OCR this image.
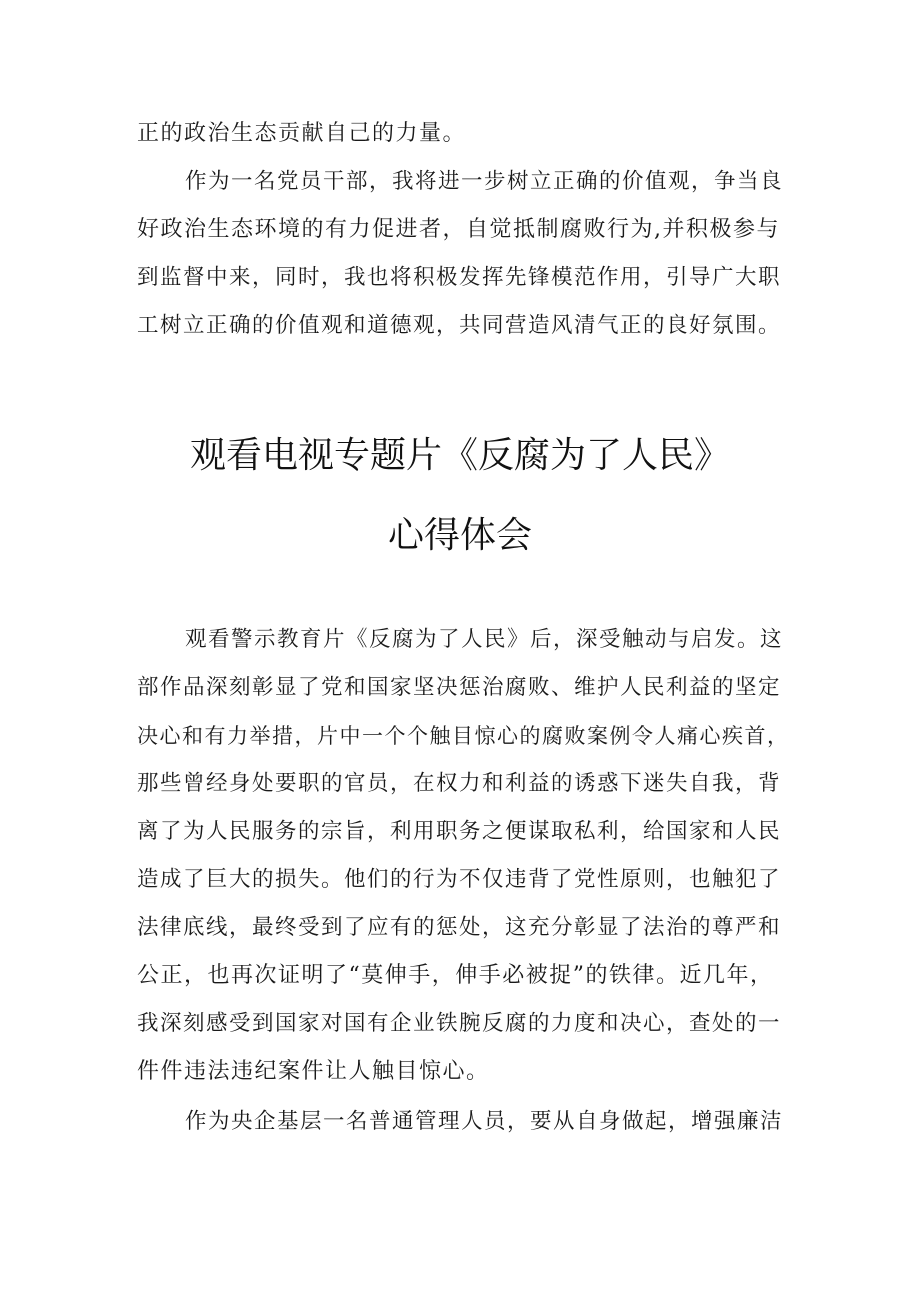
正的政治生态贡献自己的力量。
作为一名党员干部，我将进一步树立正确的价值观，争当良
好政治生态环境的有力促进者，自觉抵制腐败行为,并积极参与
到监督中来，同时，我也将积极发挥先锋模范作用，引导广大职
工树立正确的价值观和道德观，共同营造风清气正的良好氛围。
观看电视专题片《反腐为了人民》
心得体会
观看警示教育片《反腐为了人民》后，深受触动与启发。这
部作品深刻彰显了党和国家坚决惩治腐败、维护人民利益的坚定
决心和有力举措，片中一个个触目惊心的腐败案例令人痛心疾首，
那些曾经身处要职的官员，在权力和利益的诱惑下迷失自我，背
离了为人民服务的宗旨，利用职务之便谋取私利，给国家和人民
造成了巨大的损失。他们的行为不仅违背了党性原则，也触犯了
法律底线，最终受到了应有的惩处，这充分彰显了法治的尊严和
公正，也再次证明了“莫伸手，伸手必被捉”的铁律。近几年，
我深刻感受到国家对国有企业铁腕反腐的力度和决心，查处的一
件件违法违纪案件让人触目惊心。
作为央企基层一名普通管理人员，要从自身做起，增强廉洁
